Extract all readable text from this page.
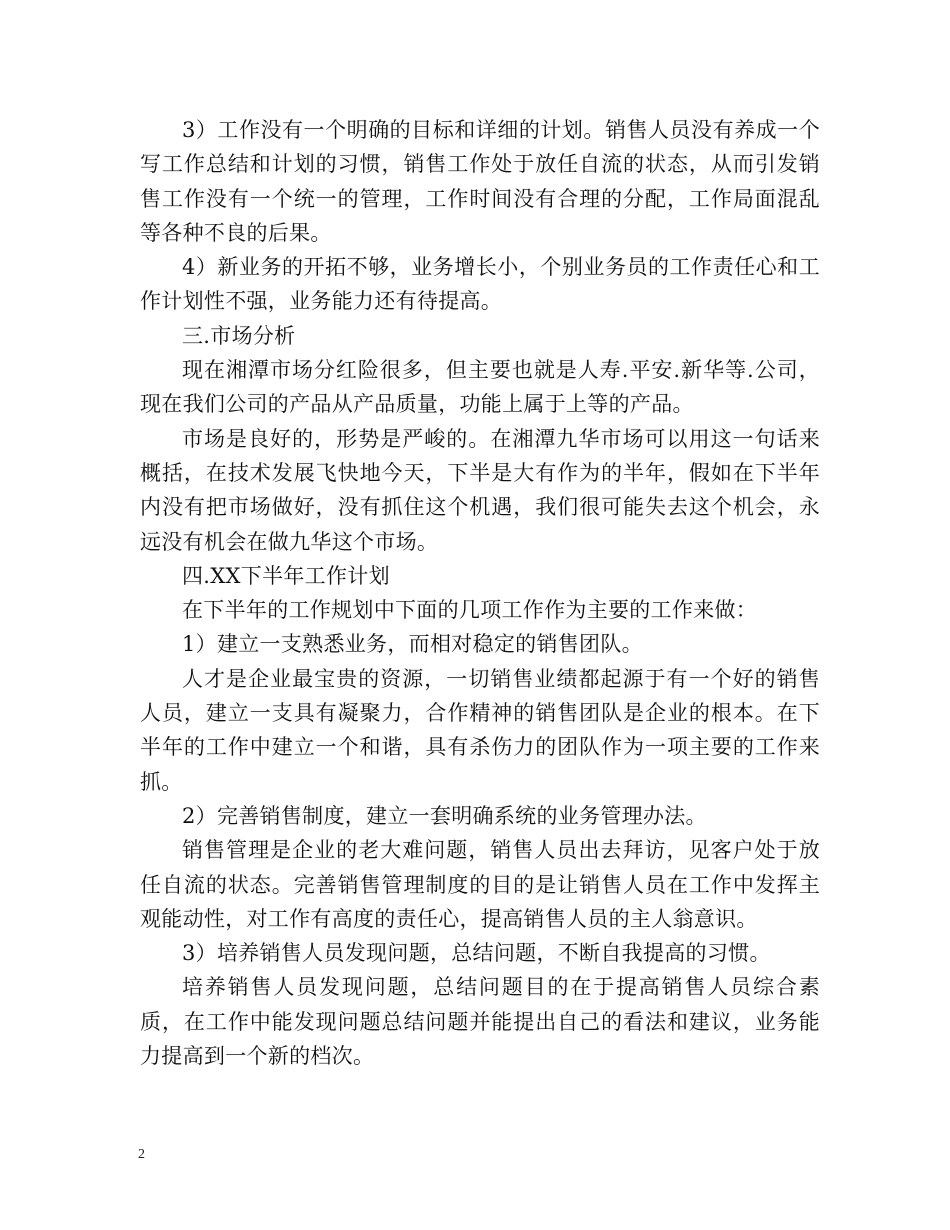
3）工作没有一个明确的目标和详细的计划。销售人员没有养成一个写工作总结和计划的习惯，销售工作处于放任自流的状态，从而引发销售工作没有一个统一的管理，工作时间没有合理的分配，工作局面混乱等各种不良的后果。

4）新业务的开拓不够，业务增长小，个别业务员的工作责任心和工作计划性不强，业务能力还有待提高。

三.市场分析

现在湘潭市场分红险很多，但主要也就是人寿.平安.新华等.公司，现在我们公司的产品从产品质量，功能上属于上等的产品。

市场是良好的，形势是严峻的。在湘潭九华市场可以用这一句话来概括，在技术发展飞快地今天，下半是大有作为的半年，假如在下半年内没有把市场做好，没有抓住这个机遇，我们很可能失去这个机会，永远没有机会在做九华这个市场。

四.XX下半年工作计划

在下半年的工作规划中下面的几项工作作为主要的工作来做：

1）建立一支熟悉业务，而相对稳定的销售团队。

人才是企业最宝贵的资源，一切销售业绩都起源于有一个好的销售人员，建立一支具有凝聚力，合作精神的销售团队是企业的根本。在下半年的工作中建立一个和谐，具有杀伤力的团队作为一项主要的工作来抓。

2）完善销售制度，建立一套明确系统的业务管理办法。

销售管理是企业的老大难问题，销售人员出去拜访，见客户处于放任自流的状态。完善销售管理制度的目的是让销售人员在工作中发挥主观能动性，对工作有高度的责任心，提高销售人员的主人翁意识。

3）培养销售人员发现问题，总结问题，不断自我提高的习惯。

培养销售人员发现问题，总结问题目的在于提高销售人员综合素质，在工作中能发现问题总结问题并能提出自己的看法和建议，业务能力提高到一个新的档次。

2
